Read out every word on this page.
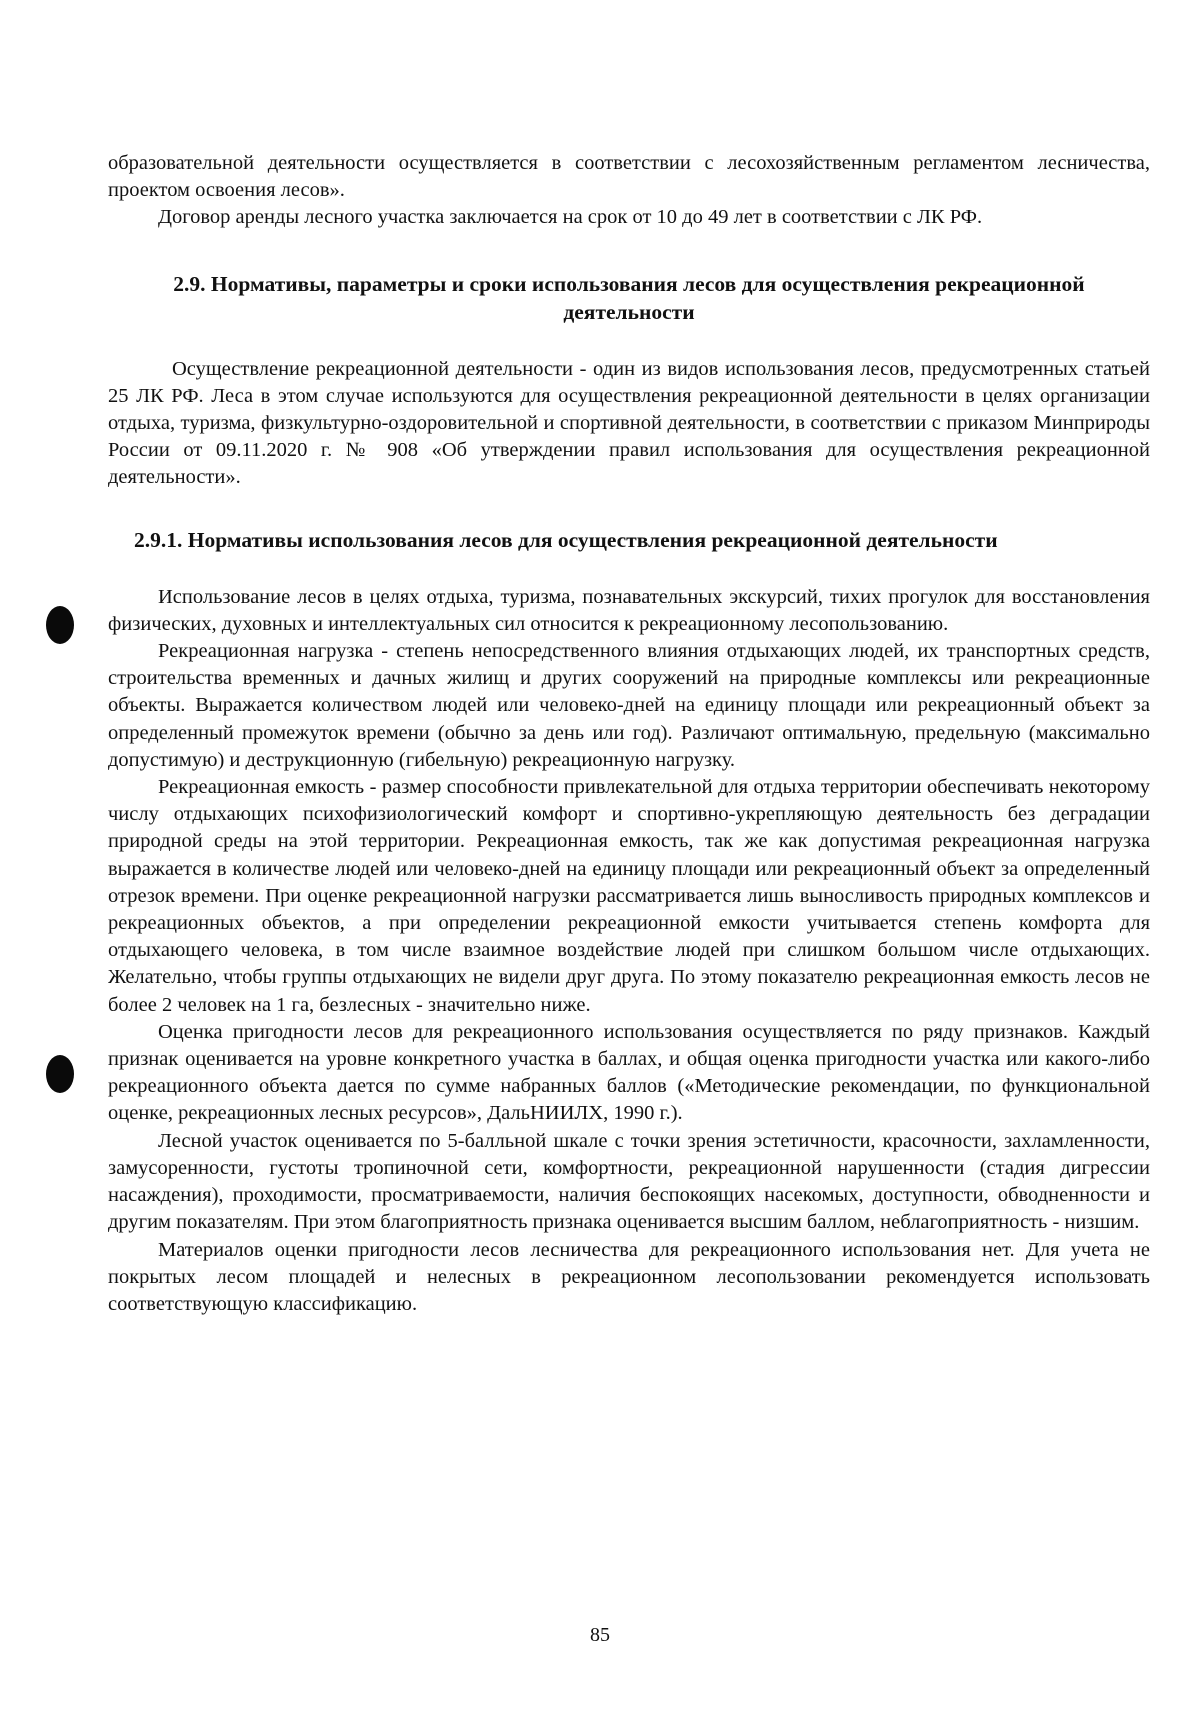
образовательной деятельности осуществляется в соответствии с лесохозяйственным регламентом лесничества, проектом освоения лесов».

Договор аренды лесного участка заключается на срок от 10 до 49 лет в соответствии с ЛК РФ.

2.9. Нормативы, параметры и сроки использования лесов для осуществления рекреационной деятельности

Осуществление рекреационной деятельности - один из видов использования лесов, предусмотренных статьей 25 ЛК РФ. Леса в этом случае используются для осуществления рекреационной деятельности в целях организации отдыха, туризма, физкультурно-оздоровительной и спортивной деятельности, в соответствии с приказом Минприроды России от 09.11.2020 г. № 908 «Об утверждении правил использования для осуществления рекреационной деятельности».

2.9.1. Нормативы использования лесов для осуществления рекреационной деятельности

Использование лесов в целях отдыха, туризма, познавательных экскурсий, тихих прогулок для восстановления физических, духовных и интеллектуальных сил относится к рекреационному лесопользованию.

Рекреационная нагрузка - степень непосредственного влияния отдыхающих людей, их транспортных средств, строительства временных и дачных жилищ и других сооружений на природные комплексы или рекреационные объекты. Выражается количеством людей или человеко-дней на единицу площади или рекреационный объект за определенный промежуток времени (обычно за день или год). Различают оптимальную, предельную (максимально допустимую) и деструкционную (гибельную) рекреационную нагрузку.

Рекреационная емкость - размер способности привлекательной для отдыха территории обеспечивать некоторому числу отдыхающих психофизиологический комфорт и спортивно-укрепляющую деятельность без деградации природной среды на этой территории. Рекреационная емкость, так же как допустимая рекреационная нагрузка выражается в количестве людей или человеко-дней на единицу площади или рекреационный объект за определенный отрезок времени. При оценке рекреационной нагрузки рассматривается лишь выносливость природных комплексов и рекреационных объектов, а при определении рекреационной емкости учитывается степень комфорта для отдыхающего человека, в том числе взаимное воздействие людей при слишком большом числе отдыхающих. Желательно, чтобы группы отдыхающих не видели друг друга. По этому показателю рекреационная емкость лесов не более 2 человек на 1 га, безлесных - значительно ниже.

Оценка пригодности лесов для рекреационного использования осуществляется по ряду признаков. Каждый признак оценивается на уровне конкретного участка в баллах, и общая оценка пригодности участка или какого-либо рекреационного объекта дается по сумме набранных баллов («Методические рекомендации, по функциональной оценке, рекреационных лесных ресурсов», ДальНИИЛХ, 1990 г.).

Лесной участок оценивается по 5-балльной шкале с точки зрения эстетичности, красочности, захламленности, замусоренности, густоты тропиночной сети, комфортности, рекреационной нарушенности (стадия дигрессии насаждения), проходимости, просматриваемости, наличия беспокоящих насекомых, доступности, обводненности и другим показателям. При этом благоприятность признака оценивается высшим баллом, неблагоприятность - низшим.

Материалов оценки пригодности лесов лесничества для рекреационного использования нет. Для учета не покрытых лесом площадей и нелесных в рекреационном лесопользовании рекомендуется использовать соответствующую классификацию.

85
